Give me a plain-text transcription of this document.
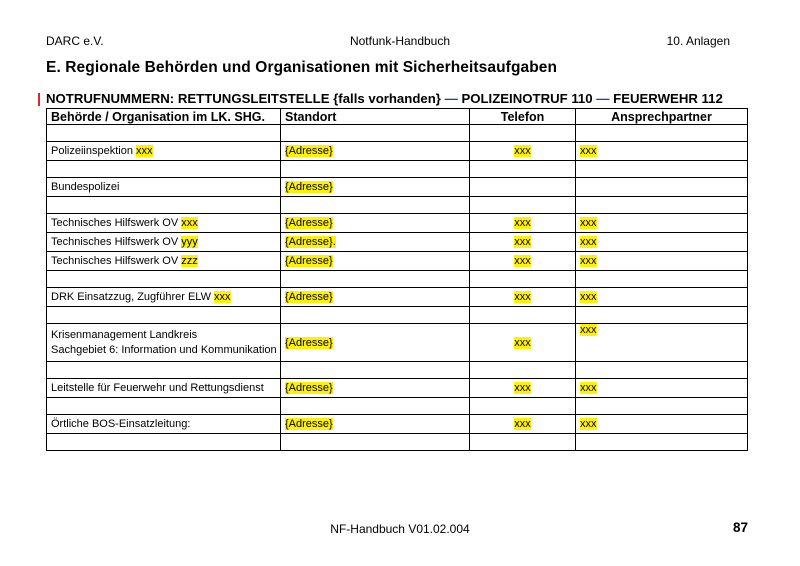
DARC e.V.	Notfunk-Handbuch	10. Anlagen
E. Regionale Behörden und Organisationen mit Sicherheitsaufgaben
NOTRUFNUMMERN: RETTUNGSLEITSTELLE {falls vorhanden} — POLIZEINOTRUF 110 — FEUERWEHR 112
Behörde / Organisation im LK. SHG.	Standort	Telefon	Ansprechpartner

Polizeiinspektion xxx	{Adresse}	xxx	xxx

Bundespolizei	{Adresse}		

Technisches Hilfswerk OV xxx	{Adresse}	xxx	xxx
Technisches Hilfswerk OV yyy	{Adresse}.	xxx	xxx
Technisches Hilfswerk OV zzz	{Adresse}	xxx	xxx

DRK Einsatzzug, Zugführer ELW xxx	{Adresse}	xxx	xxx

Krisenmanagement Landkreis
Sachgebiet 6: Information und Kommunikation	{Adresse}	xxx	xxx

Leitstelle für Feuerwehr und Rettungsdienst	{Adresse}	xxx	xxx

Örtliche BOS-Einsatzleitung:	{Adresse}	xxx	xxx

NF-Handbuch V01.02.004	87
